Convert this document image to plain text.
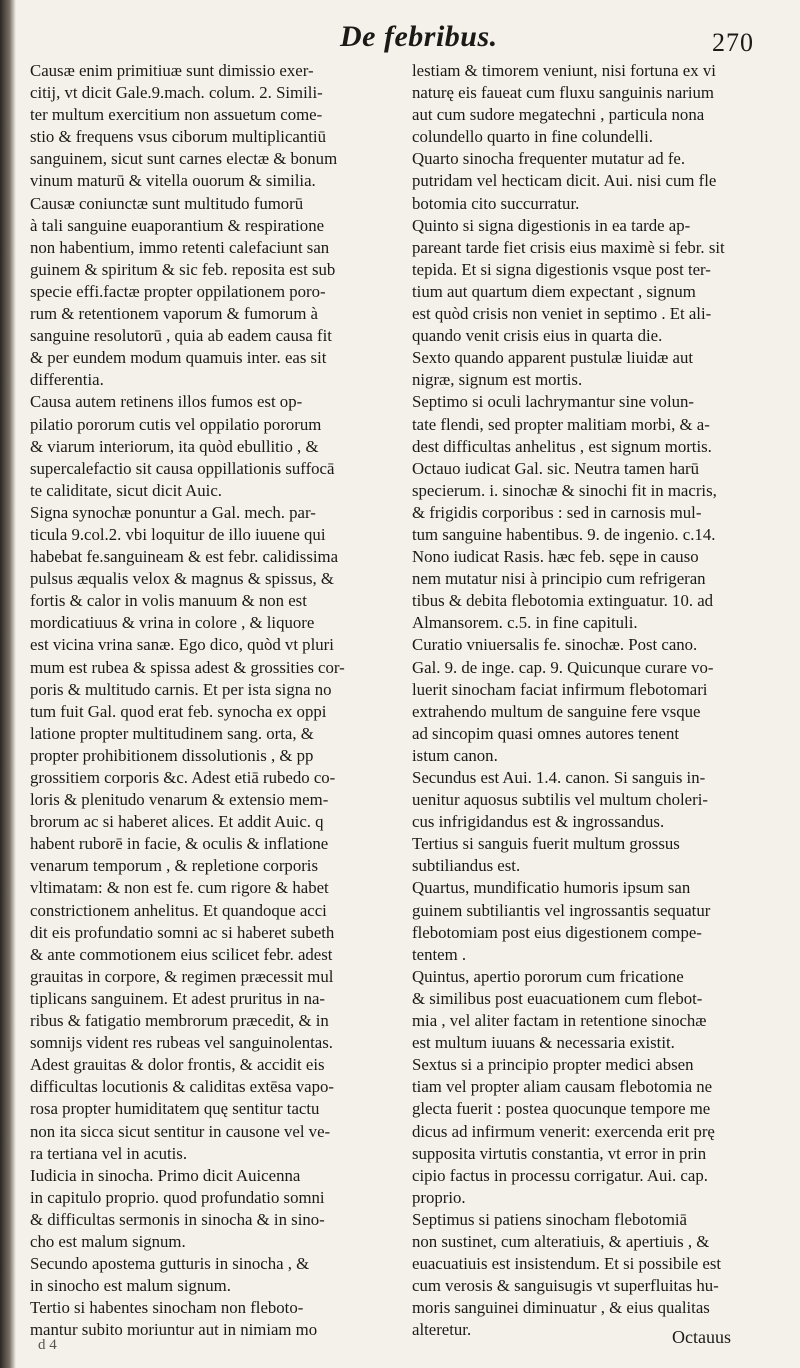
De febribus.	270
Causæ enim primitiuæ sunt dimissio exer-
citij, vt dicit Gale.9.mach. colum. 2. Simili-
ter multum exercitium non assuetum come-
stio & frequens vsus ciborum multiplicantiū
sanguinem, sicut sunt carnes electæ & bonum
vinum maturū & vitella ouorum & similia.
Causæ coniunctæ sunt multitudo fumorū
à tali sanguine euaporantium & respiratione
non habentium, immo retenti calefaciunt san
guinem & spiritum & sic feb. reposita est sub
specie effi.factæ propter oppilationem poro-
rum & retentionem vaporum & fumorum à
sanguine resolutorū , quia ab eadem causa fit
& per eundem modum quamuis inter. eas sit
differentia.
Causa autem retinens illos fumos est op-
pilatio pororum cutis vel oppilatio pororum
& viarum interiorum, ita quòd ebullitio , &
supercalefactio sit causa oppillationis suffocā
te caliditate, sicut dicit Auic.
Signa synochæ ponuntur a Gal. mech. par-
ticula 9.col.2. vbi loquitur de illo iuuene qui
habebat fe.sanguineam & est febr. calidissima
pulsus æqualis velox & magnus & spissus, &
fortis & calor in volis manuum & non est
mordicatiuus & vrina in colore , & liquore
est vicina vrina sanæ. Ego dico, quòd vt pluri
mum est rubea & spissa adest & grossities cor-
poris & multitudo carnis. Et per ista signa no
tum fuit Gal. quod erat feb. synocha ex oppi
latione propter multitudinem sang. orta, &
propter prohibitionem dissolutionis , & pp
grossitiem corporis &c. Adest etiā rubedo co-
loris & plenitudo venarum & extensio mem-
brorum ac si haberet alices. Et addit Auic. q
habent ruborē in facie, & oculis & inflatione
venarum temporum , & repletione corporis
vltimatam: & non est fe. cum rigore & habet
constrictionem anhelitus. Et quandoque acci
dit eis profundatio somni ac si haberet subeth
& ante commotionem eius scilicet febr. adest
grauitas in corpore, & regimen præcessit mul
tiplicans sanguinem. Et adest pruritus in na-
ribus & fatigatio membrorum præcedit, & in
somnijs vident res rubeas vel sanguinolentas.
Adest grauitas & dolor frontis, & accidit eis
difficultas locutionis & caliditas extēsa vapo-
rosa propter humiditatem quę sentitur tactu
non ita sicca sicut sentitur in causone vel ve-
ra tertiana vel in acutis.
Iudicia in sinocha. Primo dicit Auicenna
in capitulo proprio. quod profundatio somni
& difficultas sermonis in sinocha & in sino-
cho est malum signum.
Secundo apostema gutturis in sinocha , &
in sinocho est malum signum.
Tertio si habentes sinocham non fleboto-
mantur subito moriuntur aut in nimiam mo
lestiam & timorem veniunt, nisi fortuna ex vi
naturę eis faueat cum fluxu sanguinis narium
aut cum sudore megatechni , particula nona
colundello quarto in fine colundelli.
Quarto sinocha frequenter mutatur ad fe.
putridam vel hecticam dicit. Aui. nisi cum fle
botomia cito succurratur.
Quinto si signa digestionis in ea tarde ap-
pareant tarde fiet crisis eius maximè si febr. sit
tepida. Et si signa digestionis vsque post ter-
tium aut quartum diem expectant , signum
est quòd crisis non veniet in septimo . Et ali-
quando venit crisis eius in quarta die.
Sexto quando apparent pustulæ liuidæ aut
nigræ, signum est mortis.
Septimo si oculi lachrymantur sine volun-
tate flendi, sed propter malitiam morbi, & a-
dest difficultas anhelitus , est signum mortis.
Octauo iudicat Gal. sic. Neutra tamen harū
specierum. i. sinochæ & sinochi fit in macris,
& frigidis corporibus : sed in carnosis mul-
tum sanguine habentibus. 9. de ingenio. c.14.
Nono iudicat Rasis. hæc feb. sępe in causo
nem mutatur nisi à principio cum refrigeran
tibus & debita flebotomia extinguatur. 10. ad
Almansorem. c.5. in fine capituli.
Curatio vniuersalis fe. sinochæ. Post cano.
Gal. 9. de inge. cap. 9. Quicunque curare vo-
luerit sinocham faciat infirmum flebotomari
extrahendo multum de sanguine fere vsque
ad sincopim quasi omnes autores tenent
istum canon.
Secundus est Aui. 1.4. canon. Si sanguis in-
uenitur aquosus subtilis vel multum choleri-
cus infrigidandus est & ingrossandus.
Tertius si sanguis fuerit multum grossus
subtiliandus est.
Quartus, mundificatio humoris ipsum san
guinem subtiliantis vel ingrossantis sequatur
flebotomiam post eius digestionem compe-
tentem .
Quintus, apertio pororum cum fricatione
& similibus post euacuationem cum flebot-
mia , vel aliter factam in retentione sinochæ
est multum iuuans & necessaria existit.
Sextus si a principio propter medici absen
tiam vel propter aliam causam flebotomia ne
glecta fuerit : postea quocunque tempore me
dicus ad infirmum venerit: exercenda erit prę
supposita virtutis constantia, vt error in prin
cipio factus in processu corrigatur. Aui. cap.
proprio.
Septimus si patiens sinocham flebotomiā
non sustinet, cum alteratiuis, & apertiuis , &
euacuatiuis est insistendum. Et si possibile est
cum verosis & sanguisugis vt superfluitas hu-
moris sanguinei diminuatur , & eius qualitas
alteretur.	Octauus
d 4
